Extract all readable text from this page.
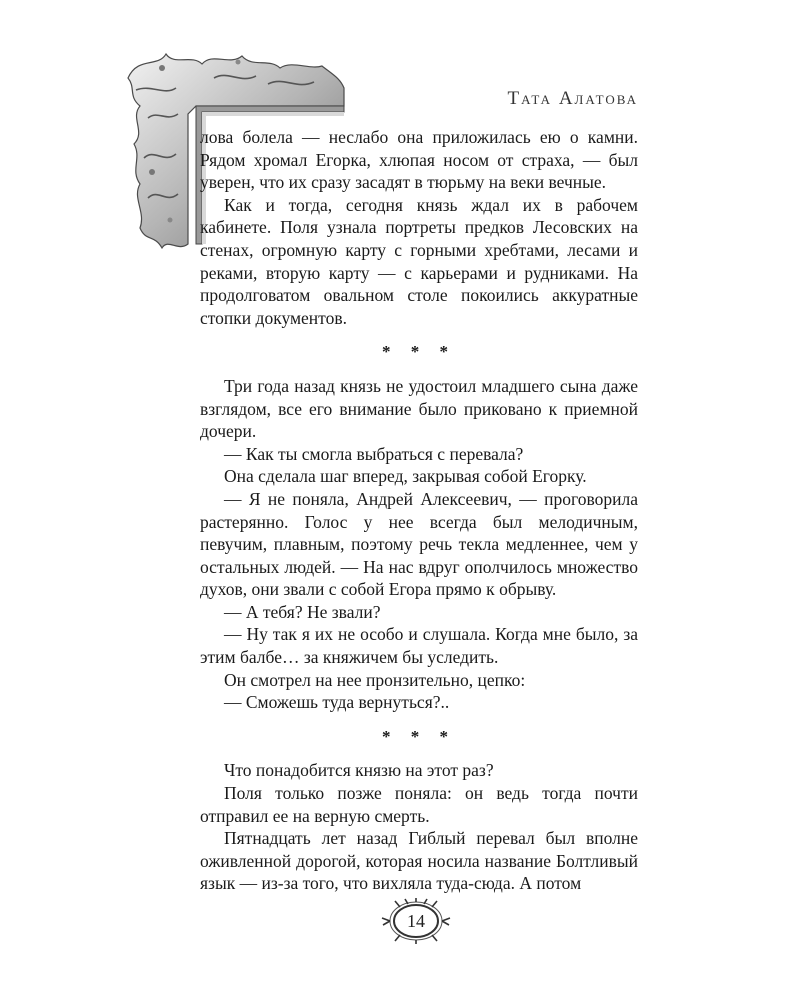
Тата Алатова

лова болела — неслабо она приложилась ею о камни. Рядом хромал Егорка, хлюпая носом от страха, — был уверен, что их сразу засадят в тюрьму на веки вечные.

Как и тогда, сегодня князь ждал их в рабочем кабинете. Поля узнала портреты предков Лесовских на стенах, огромную карту с горными хребтами, лесами и реками, вторую карту — с карьерами и рудниками. На продолговатом овальном столе покоились аккуратные стопки документов.

* * *

Три года назад князь не удостоил младшего сына даже взглядом, все его внимание было приковано к приемной дочери.

— Как ты смогла выбраться с перевала?

Она сделала шаг вперед, закрывая собой Егорку.

— Я не поняла, Андрей Алексеевич, — проговорила растерянно. Голос у нее всегда был мелодичным, певучим, плавным, поэтому речь текла медленнее, чем у остальных людей. — На нас вдруг ополчилось множество духов, они звали с собой Егора прямо к обрыву.

— А тебя? Не звали?

— Ну так я их не особо и слушала. Когда мне было, за этим балбе… за княжичем бы уследить.

Он смотрел на нее пронзительно, цепко:

— Сможешь туда вернуться?..

* * *

Что понадобится князю на этот раз?

Поля только позже поняла: он ведь тогда почти отправил ее на верную смерть.

Пятнадцать лет назад Гиблый перевал был вполне оживленной дорогой, которая носила название Болтливый язык — из-за того, что вихляла туда-сюда. А потом

14
